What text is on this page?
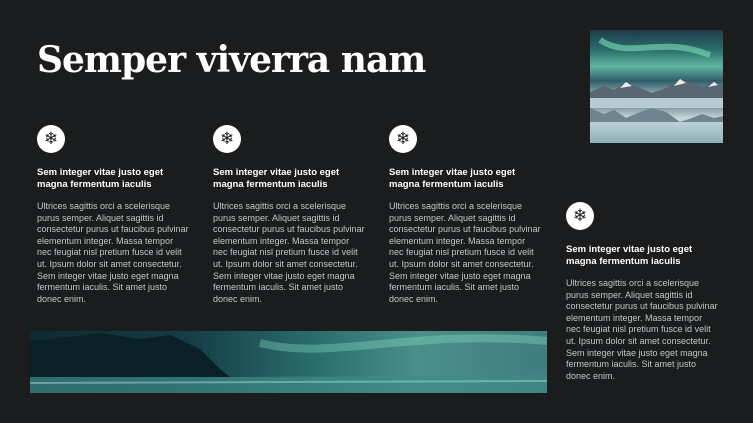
Semper viverra nam
❄
Sem integer vitae justo eget magna fermentum iaculis

Ultrices sagittis orci a scelerisque purus semper. Aliquet sagittis id consectetur purus ut faucibus pulvinar elementum integer. Massa tempor nec feugiat nisl pretium fusce id velit ut. Ipsum dolor sit amet consectetur. Sem integer vitae justo eget magna fermentum iaculis. Sit amet justo donec enim.

❄
Sem integer vitae justo eget magna fermentum iaculis

Ultrices sagittis orci a scelerisque purus semper. Aliquet sagittis id consectetur purus ut faucibus pulvinar elementum integer. Massa tempor nec feugiat nisl pretium fusce id velit ut. Ipsum dolor sit amet consectetur. Sem integer vitae justo eget magna fermentum iaculis. Sit amet justo donec enim.

❄
Sem integer vitae justo eget magna fermentum iaculis

Ultrices sagittis orci a scelerisque purus semper. Aliquet sagittis id consectetur purus ut faucibus pulvinar elementum integer. Massa tempor nec feugiat nisl pretium fusce id velit ut. Ipsum dolor sit amet consectetur. Sem integer vitae justo eget magna fermentum iaculis. Sit amet justo donec enim.

❄
Sem integer vitae justo eget magna fermentum iaculis

Ultrices sagittis orci a scelerisque purus semper. Aliquet sagittis id consectetur purus ut faucibus pulvinar elementum integer. Massa tempor nec feugiat nisl pretium fusce id velit ut. Ipsum dolor sit amet consectetur. Sem integer vitae justo eget magna fermentum iaculis. Sit amet justo donec enim.
